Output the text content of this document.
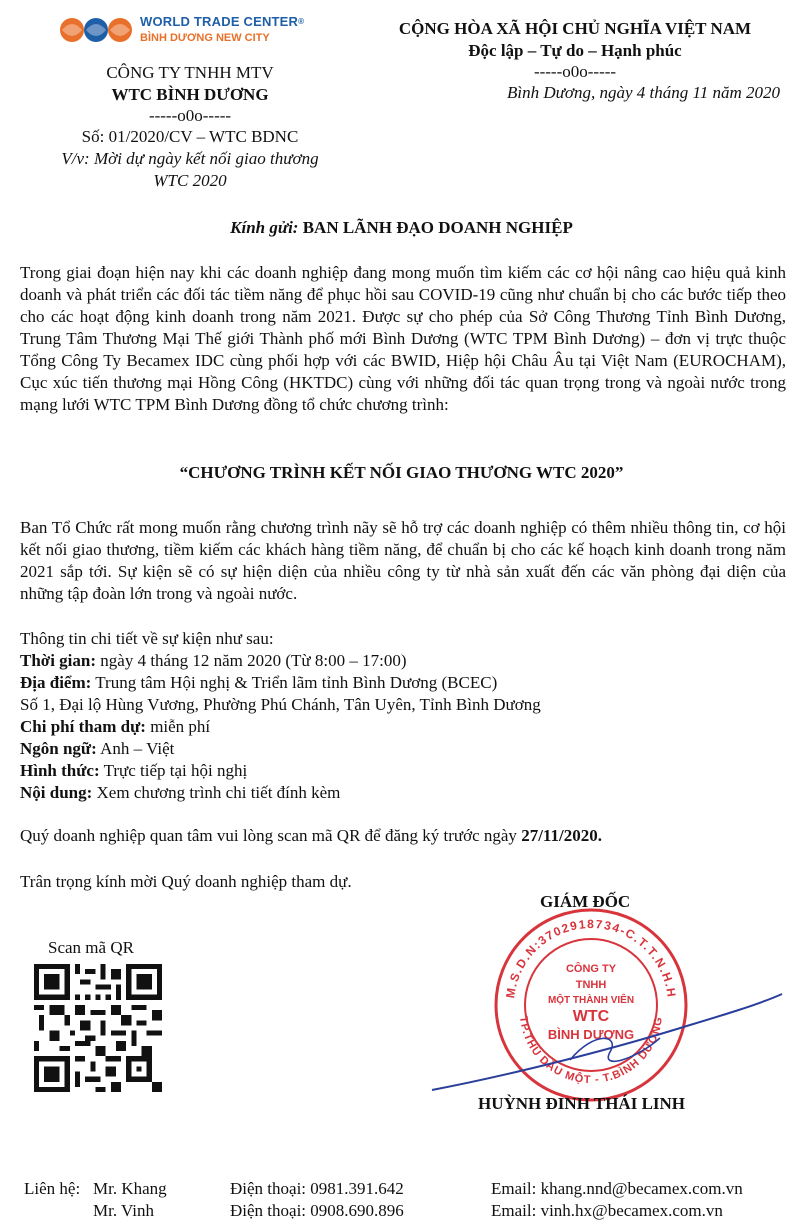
WORLD TRADE CENTER®
BÌNH DƯƠNG NEW CITY
CÔNG TY TNHH MTV
WTC BÌNH DƯƠNG
-----o0o-----
Số: 01/2020/CV – WTC BDNC
V/v: Mời dự ngày kết nối giao thương
WTC 2020
CỘNG HÒA XÃ HỘI CHỦ NGHĨA VIỆT NAM
Độc lập – Tự do – Hạnh phúc
-----o0o-----
Bình Dương, ngày 4 tháng 11 năm 2020
Kính gửi: BAN LÃNH ĐẠO DOANH NGHIỆP

Trong giai đoạn hiện nay khi các doanh nghiệp đang mong muốn tìm kiếm các cơ hội nâng cao hiệu quả kinh doanh và phát triển các đối tác tiềm năng để phục hồi sau COVID-19 cũng như chuẩn bị cho các bước tiếp theo cho các hoạt động kinh doanh trong năm 2021. Được sự cho phép của Sở Công Thương Tỉnh Bình Dương, Trung Tâm Thương Mại Thế giới Thành phố mới Bình Dương (WTC TPM Bình Dương) – đơn vị trực thuộc Tổng Công Ty Becamex IDC cùng phối hợp với các BWID, Hiệp hội Châu Âu tại Việt Nam (EUROCHAM), Cục xúc tiến thương mại Hồng Công (HKTDC) cùng với những đối tác quan trọng trong và ngoài nước trong mạng lưới WTC TPM Bình Dương đồng tổ chức chương trình:

“CHƯƠNG TRÌNH KẾT NỐI GIAO THƯƠNG WTC 2020”

Ban Tổ Chức rất mong muốn rằng chương trình nãy sẽ hỗ trợ các doanh nghiệp có thêm nhiều thông tin, cơ hội kết nối giao thương, tiềm kiếm các khách hàng tiềm năng, để chuẩn bị cho các kế hoạch kinh doanh trong năm 2021 sắp tới. Sự kiện sẽ có sự hiện diện của nhiều công ty từ nhà sản xuất đến các văn phòng đại diện của những tập đoàn lớn trong và ngoài nước.

Thông tin chi tiết về sự kiện như sau:
Thời gian: ngày 4 tháng 12 năm 2020 (Từ 8:00 – 17:00)
Địa điểm: Trung tâm Hội nghị & Triển lãm tỉnh Bình Dương (BCEC)
Số 1, Đại lộ Hùng Vương, Phường Phú Chánh, Tân Uyên, Tỉnh Bình Dương
Chi phí tham dự: miễn phí
Ngôn ngữ: Anh – Việt
Hình thức: Trực tiếp tại hội nghị
Nội dung: Xem chương trình chi tiết đính kèm
Quý doanh nghiệp quan tâm vui lòng scan mã QR để đăng ký trước ngày 27/11/2020.
Trân trọng kính mời Quý doanh nghiệp tham dự.
Scan mã QR
GIÁM ĐỐC
M.S.D.N:3702918734-C.T.T.N.H.H
TP.THỦ DẦU MỘT - T.BÌNH DƯƠNG
CÔNG TY
TNHH
MỘT THÀNH VIÊN
WTC
BÌNH DƯƠNG
HUỲNH ĐINH THÁI LINH
Liên hệ: Mr. Khang
Mr. Vinh
Điện thoại: 0981.391.642
Điện thoại: 0908.690.896
Email: khang.nnd@becamex.com.vn
Email: vinh.hx@becamex.com.vn
